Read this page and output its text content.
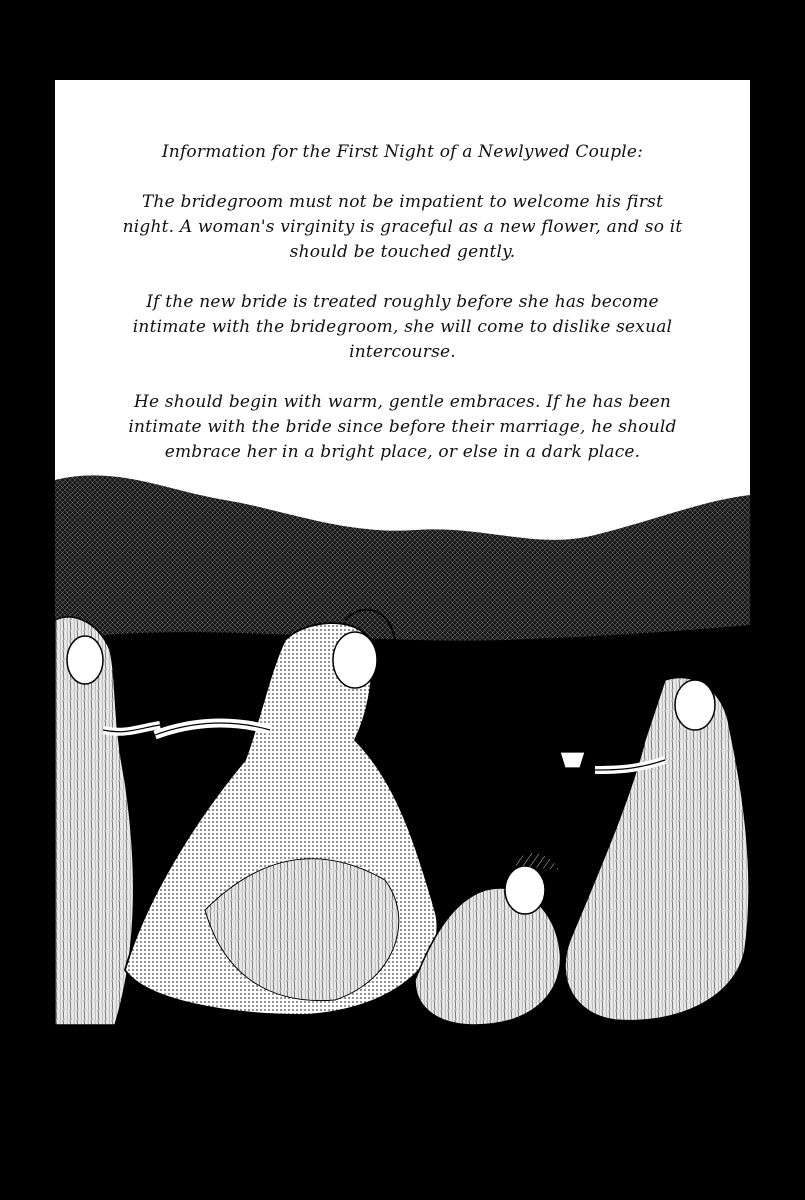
Information for the First Night of a Newlywed Couple:

The bridegroom must not be impatient to welcome his first night. A woman's virginity is graceful as a new flower, and so it should be touched gently.

If the new bride is treated roughly before she has become intimate with the bridegroom, she will come to dislike sexual intercourse.

He should begin with warm, gentle embraces. If he has been intimate with the bride since before their marriage, he should embrace her in a bright place, or else in a dark place.
